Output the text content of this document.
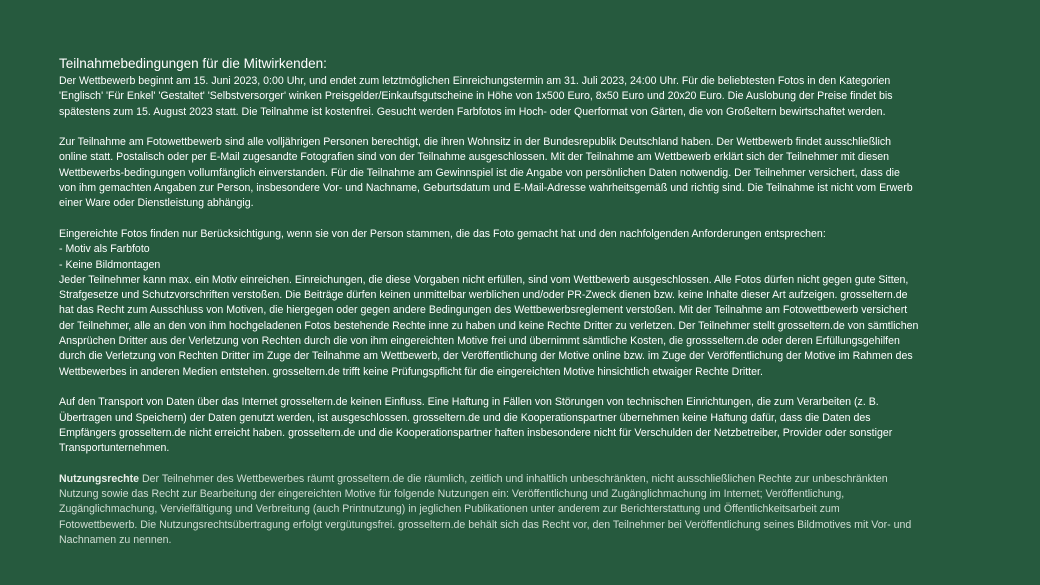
Teilnahmebedingungen für die Mitwirkenden:

Der Wettbewerb beginnt am 15. Juni 2023, 0:00 Uhr, und endet zum letztmöglichen Einreichungstermin am 31. Juli 2023, 24:00 Uhr. Für die beliebtesten Fotos in den Kategorien 'Englisch' 'Für Enkel' 'Gestaltet' 'Selbstversorger' winken Preisgelder/Einkaufsgutscheine in Höhe von 1x500 Euro, 8x50 Euro und 20x20 Euro. Die Auslobung der Preise findet bis spätestens zum 15. August 2023 statt. Die Teilnahme ist kostenfrei. Gesucht werden Farbfotos im Hoch- oder Querformat von Gärten, die von Großeltern bewirtschaftet werden.

Zur Teilnahme am Fotowettbewerb sind alle volljährigen Personen berechtigt, die ihren Wohnsitz in der Bundesrepublik Deutschland haben. Der Wettbewerb findet ausschließlich online statt. Postalisch oder per E-Mail zugesandte Fotografien sind von der Teilnahme ausgeschlossen. Mit der Teilnahme am Wettbewerb erklärt sich der Teilnehmer mit diesen Wettbewerbs-bedingungen vollumfänglich einverstanden. Für die Teilnahme am Gewinnspiel ist die Angabe von persönlichen Daten notwendig. Der Teilnehmer versichert, dass die von ihm gemachten Angaben zur Person, insbesondere Vor- und Nachname, Geburtsdatum und E-Mail-Adresse wahrheitsgemäß und richtig sind. Die Teilnahme ist nicht vom Erwerb einer Ware oder Dienstleistung abhängig.

Eingereichte Fotos finden nur Berücksichtigung, wenn sie von der Person stammen, die das Foto gemacht hat und den nachfolgenden Anforderungen entsprechen:
- Motiv als Farbfoto
- Keine Bildmontagen
Jeder Teilnehmer kann max. ein Motiv einreichen. Einreichungen, die diese Vorgaben nicht erfüllen, sind vom Wettbewerb ausgeschlossen. Alle Fotos dürfen nicht gegen gute Sitten, Strafgesetze und Schutzvorschriften verstoßen. Die Beiträge dürfen keinen unmittelbar werblichen und/oder PR-Zweck dienen bzw. keine Inhalte dieser Art aufzeigen. grosseltern.de hat das Recht zum Ausschluss von Motiven, die hiergegen oder gegen andere Bedingungen des Wettbewerbsreglement verstoßen. Mit der Teilnahme am Fotowettbewerb versichert der Teilnehmer, alle an den von ihm hochgeladenen Fotos bestehende Rechte inne zu haben und keine Rechte Dritter zu verletzen. Der Teilnehmer stellt grosseltern.de von sämtlichen Ansprüchen Dritter aus der Verletzung von Rechten durch die von ihm eingereichten Motive frei und übernimmt sämtliche Kosten, die grossseltern.de oder deren Erfüllungsgehilfen durch die Verletzung von Rechten Dritter im Zuge der Teilnahme am Wettbewerb, der Veröffentlichung der Motive online bzw. im Zuge der Veröffentlichung der Motive im Rahmen des Wettbewerbes in anderen Medien entstehen. grosseltern.de trifft keine Prüfungspflicht für die eingereichten Motive hinsichtlich etwaiger Rechte Dritter.

Auf den Transport von Daten über das Internet grosseltern.de keinen Einfluss. Eine Haftung in Fällen von Störungen von technischen Einrichtungen, die zum Verarbeiten (z. B. Übertragen und Speichern) der Daten genutzt werden, ist ausgeschlossen. grosseltern.de und die Kooperationspartner übernehmen keine Haftung dafür, dass die Daten des Empfängers grosseltern.de nicht erreicht haben. grosseltern.de und die Kooperationspartner haften insbesondere nicht für Verschulden der Netzbetreiber, Provider oder sonstiger Transportunternehmen.

Nutzungsrechte Der Teilnehmer des Wettbewerbes räumt grosseltern.de die räumlich, zeitlich und inhaltlich unbeschränkten, nicht ausschließlichen Rechte zur unbeschränkten Nutzung sowie das Recht zur Bearbeitung der eingereichten Motive für folgende Nutzungen ein: Veröffentlichung und Zugänglichmachung im Internet; Veröffentlichung, Zugänglichmachung, Vervielfältigung und Verbreitung (auch Printnutzung) in jeglichen Publikationen unter anderem zur Berichterstattung und Öffentlichkeitsarbeit zum Fotowettbewerb. Die Nutzungsrechtsübertragung erfolgt vergütungsfrei. grosseltern.de behält sich das Recht vor, den Teilnehmer bei Veröffentlichung seines Bildmotives mit Vor- und Nachnamen zu nennen.
